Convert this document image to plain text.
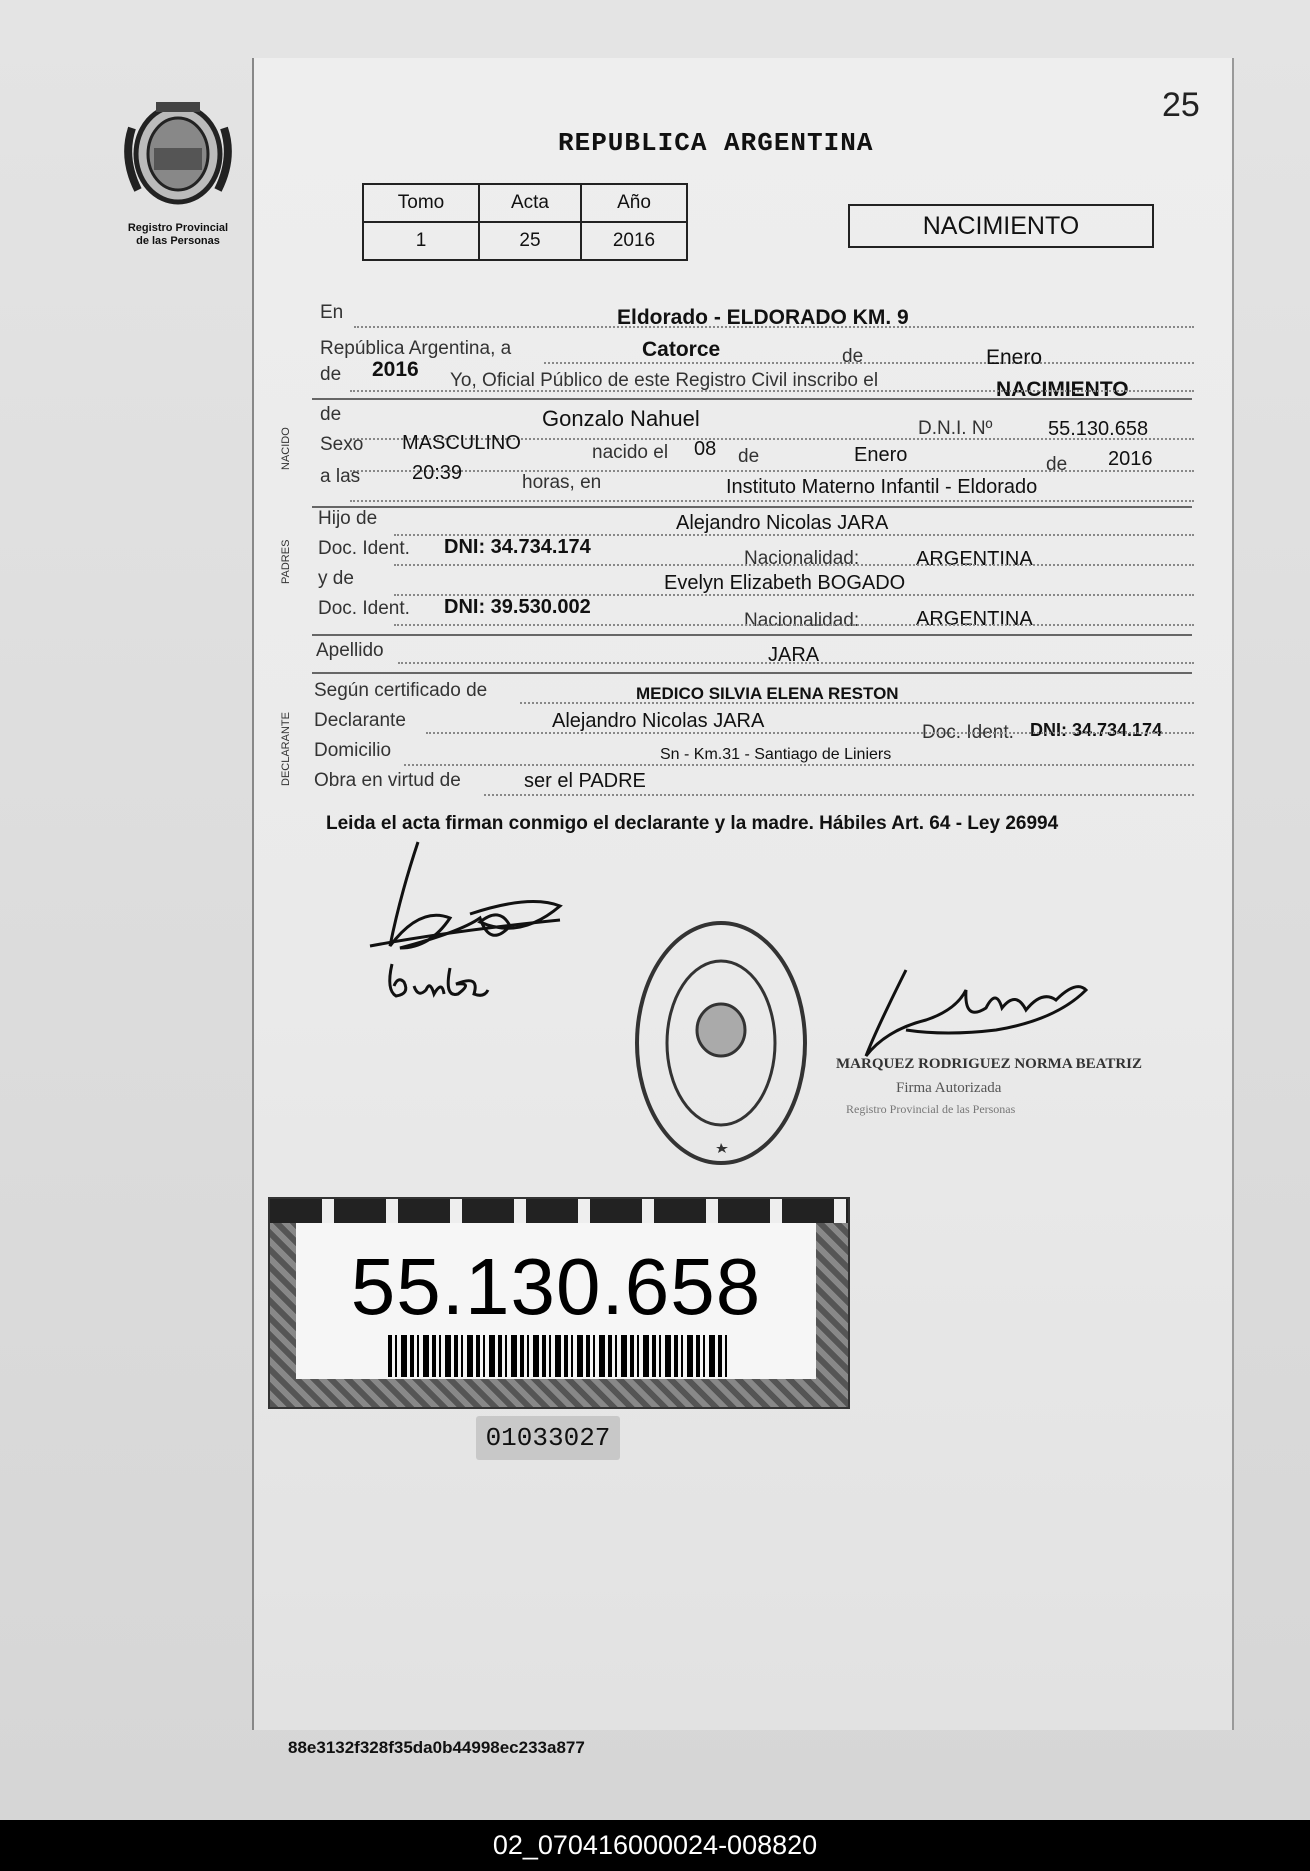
Registro Provincial
de las Personas
25
REPUBLICA ARGENTINA
Tomo	Acta	Año
1	25	2016
NACIMIENTO
En	Eldorado - ELDORADO KM. 9
República Argentina, a	Catorce	de	Enero
de 2016 Yo, Oficial Público de este Registro Civil inscribo el	NACIMIENTO
NACIDO
de	Gonzalo Nahuel	D.N.I. Nº	55.130.658
Sexo MASCULINO	nacido el 08 de	Enero	de 2016
a las	20:39	horas, en	Instituto Materno Infantil - Eldorado
PADRES
Hijo de	Alejandro Nicolas JARA
Doc. Ident. DNI: 34.734.174
Nacionalidad:	ARGENTINA
y de	Evelyn Elizabeth BOGADO
Doc. Ident. DNI: 39.530.002
Nacionalidad:	ARGENTINA
Apellido	JARA
DECLARANTE
Según certificado de	MEDICO SILVIA ELENA RESTON
Declarante	Alejandro Nicolas JARA
Doc. Ident. DNI: 34.734.174
Domicilio	Sn - Km.31 - Santiago de Liniers
Obra en virtud de	ser el PADRE
Leida el acta firman conmigo el declarante y la madre. Hábiles Art. 64 - Ley 26994
MARQUEZ RODRIGUEZ NORMA BEATRIZ
Firma Autorizada
Registro Provincial de las Personas
55.130.658
01033027
88e3132f328f35da0b44998ec233a877
02_070416000024-008820
